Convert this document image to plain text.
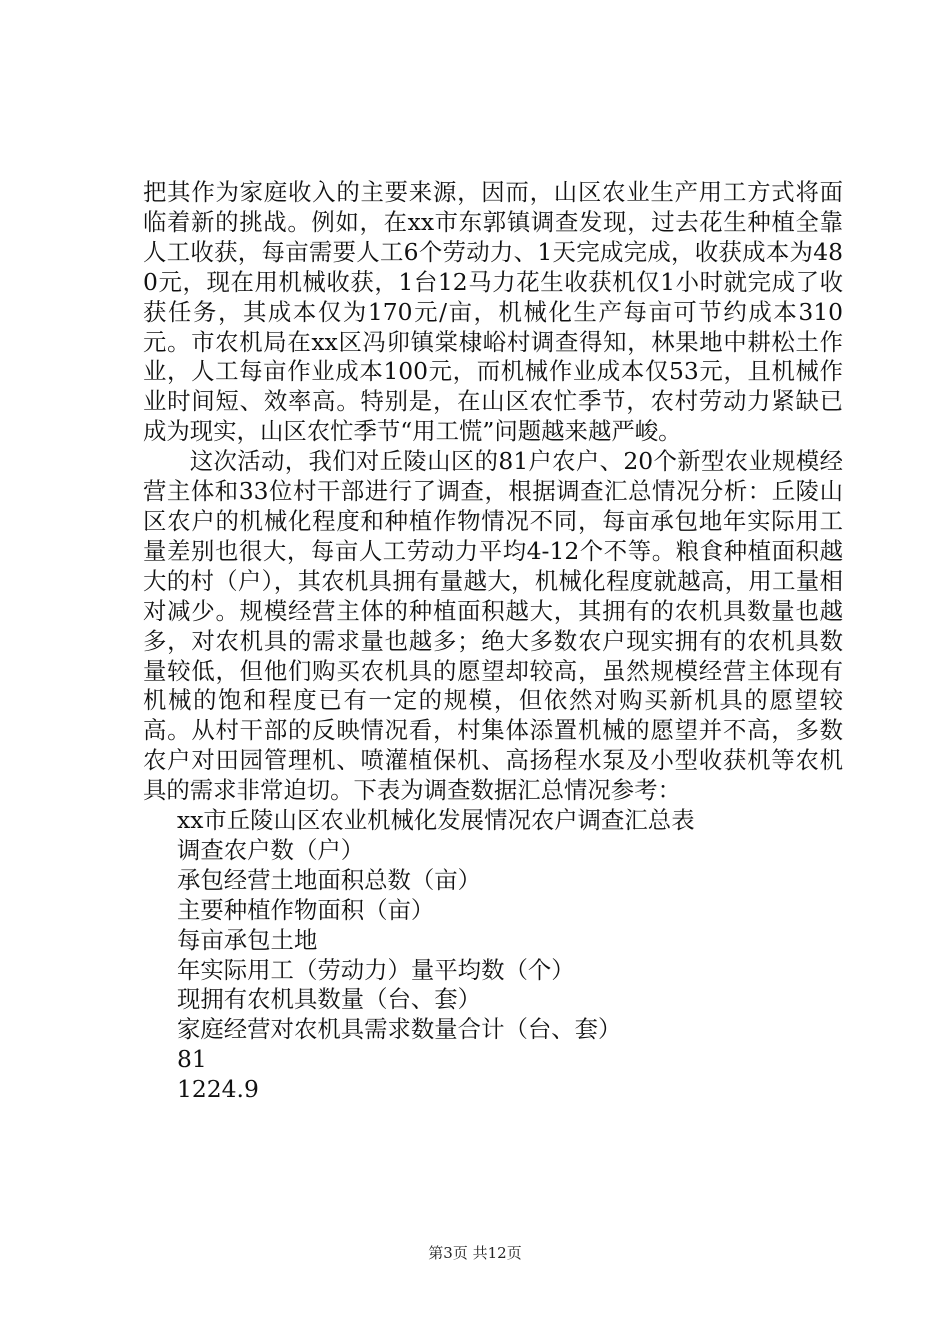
把其作为家庭收入的主要来源，因而，山区农业生产用工方式将面临着新的挑战。例如，在xx市东郭镇调查发现，过去花生种植全靠人工收获，每亩需要人工6个劳动力、1天完成完成，收获成本为480元，现在用机械收获，1台12马力花生收获机仅1小时就完成了收获任务，其成本仅为170元/亩，机械化生产每亩可节约成本310元。市农机局在xx区冯卯镇棠棣峪村调查得知，林果地中耕松土作业，人工每亩作业成本100元，而机械作业成本仅53元，且机械作业时间短、效率高。特别是，在山区农忙季节，农村劳动力紧缺已成为现实，山区农忙季节“用工慌”问题越来越严峻。

这次活动，我们对丘陵山区的81户农户、20个新型农业规模经营主体和33位村干部进行了调查，根据调查汇总情况分析：丘陵山区农户的机械化程度和种植作物情况不同，每亩承包地年实际用工量差别也很大，每亩人工劳动力平均4-12个不等。粮食种植面积越大的村（户），其农机具拥有量越大，机械化程度就越高，用工量相对减少。规模经营主体的种植面积越大，其拥有的农机具数量也越多，对农机具的需求量也越多；绝大多数农户现实拥有的农机具数量较低，但他们购买农机具的愿望却较高，虽然规模经营主体现有机械的饱和程度已有一定的规模，但依然对购买新机具的愿望较高。从村干部的反映情况看，村集体添置机械的愿望并不高，多数农户对田园管理机、喷灌植保机、高扬程水泵及小型收获机等农机具的需求非常迫切。下表为调查数据汇总情况参考：

xx市丘陵山区农业机械化发展情况农户调查汇总表
调查农户数（户）
承包经营土地面积总数（亩）
主要种植作物面积（亩）
每亩承包土地
年实际用工（劳动力）量平均数（个）
现拥有农机具数量（台、套）
家庭经营对农机具需求数量合计（台、套）
81
1224.9
第3页 共12页
